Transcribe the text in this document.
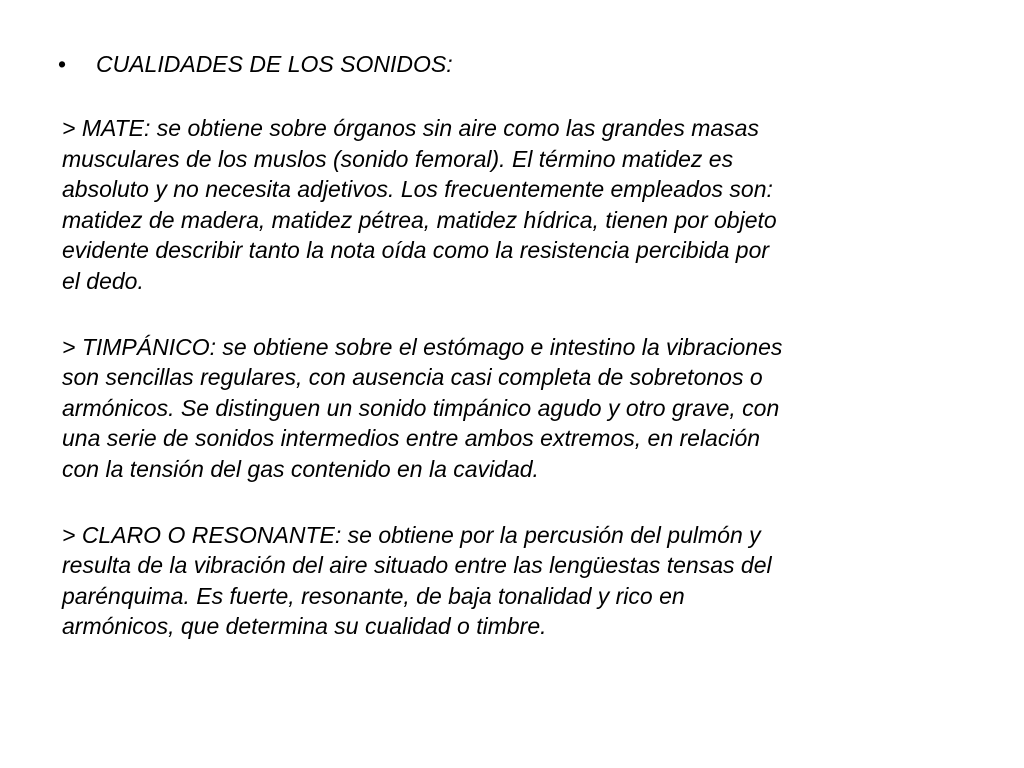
•	CUALIDADES DE LOS SONIDOS:

> MATE: se obtiene sobre órganos sin aire como las grandes masas
musculares de los muslos (sonido femoral). El término matidez es
absoluto y no necesita adjetivos. Los frecuentemente empleados son:
matidez de madera, matidez pétrea, matidez hídrica, tienen por objeto
evidente describir tanto la nota oída como la resistencia percibida por
el dedo.

> TIMPÁNICO: se obtiene sobre el estómago e intestino la vibraciones
son sencillas regulares, con ausencia casi completa de sobretonos o
armónicos. Se distinguen un sonido timpánico agudo y otro grave, con
una serie de sonidos intermedios entre ambos extremos, en relación
con la tensión del gas contenido en la cavidad.

> CLARO O RESONANTE: se obtiene por la percusión del pulmón y
resulta de la vibración del aire situado entre las lengüestas tensas del
parénquima. Es fuerte, resonante, de baja tonalidad y rico en
armónicos, que determina su cualidad o timbre.
